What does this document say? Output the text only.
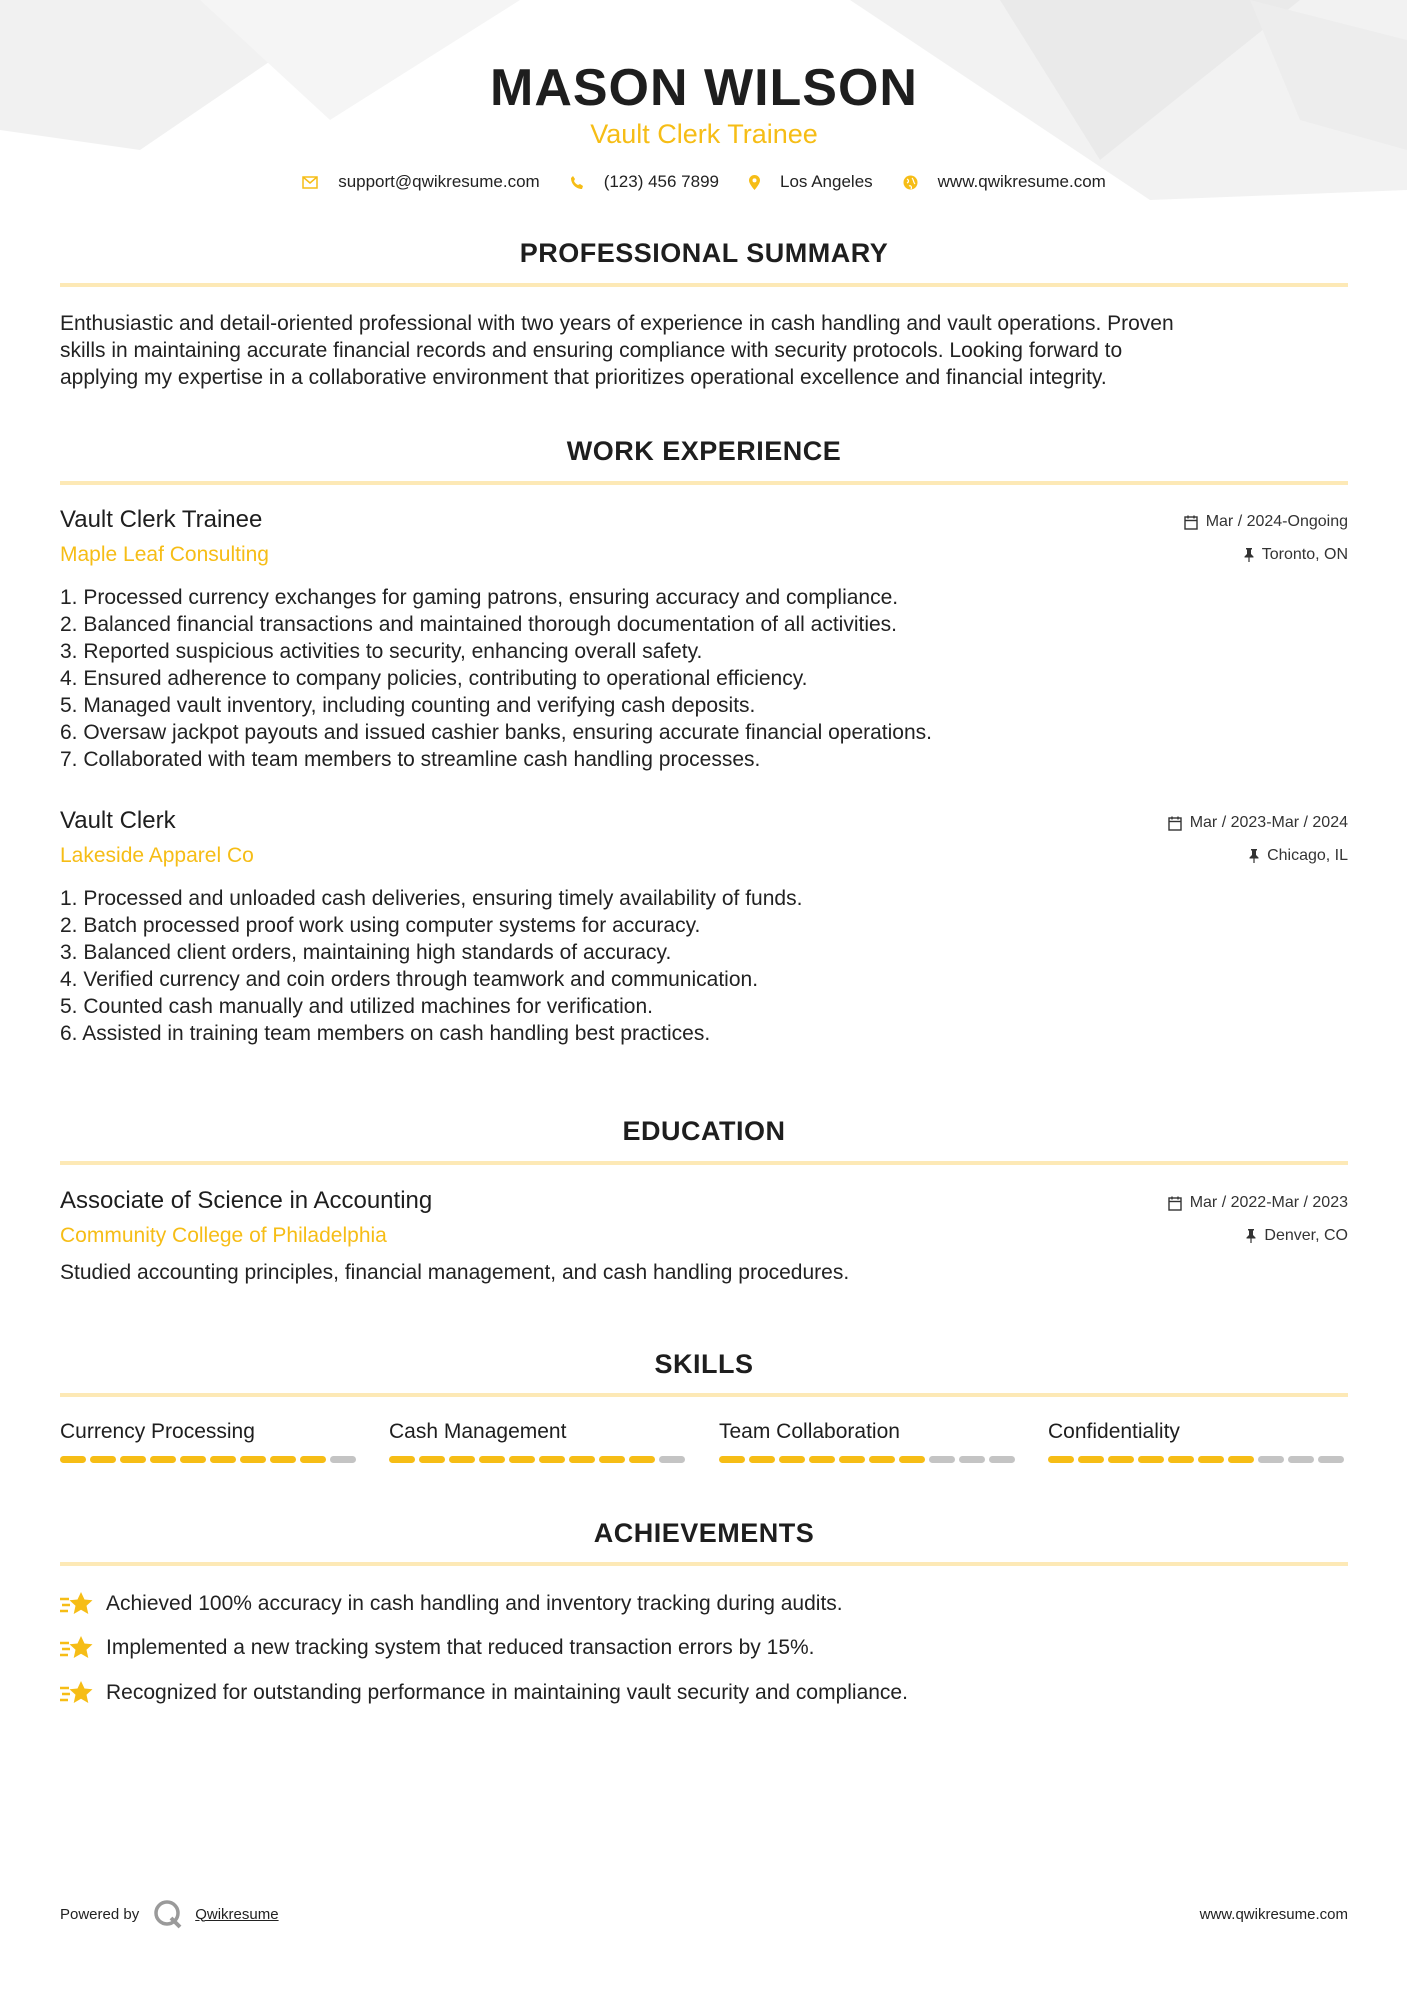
MASON WILSON
Vault Clerk Trainee
support@qwikresume.com	(123) 456 7899	Los Angeles	www.qwikresume.com
PROFESSIONAL SUMMARY
Enthusiastic and detail-oriented professional with two years of experience in cash handling and vault operations. Proven
skills in maintaining accurate financial records and ensuring compliance with security protocols. Looking forward to
applying my expertise in a collaborative environment that prioritizes operational excellence and financial integrity.
WORK EXPERIENCE
Vault Clerk Trainee
Maple Leaf Consulting
Mar / 2024-Ongoing
Toronto, ON
1. Processed currency exchanges for gaming patrons, ensuring accuracy and compliance.
2. Balanced financial transactions and maintained thorough documentation of all activities.
3. Reported suspicious activities to security, enhancing overall safety.
4. Ensured adherence to company policies, contributing to operational efficiency.
5. Managed vault inventory, including counting and verifying cash deposits.
6. Oversaw jackpot payouts and issued cashier banks, ensuring accurate financial operations.
7. Collaborated with team members to streamline cash handling processes.
Vault Clerk
Lakeside Apparel Co
Mar / 2023-Mar / 2024
Chicago, IL
1. Processed and unloaded cash deliveries, ensuring timely availability of funds.
2. Batch processed proof work using computer systems for accuracy.
3. Balanced client orders, maintaining high standards of accuracy.
4. Verified currency and coin orders through teamwork and communication.
5. Counted cash manually and utilized machines for verification.
6. Assisted in training team members on cash handling best practices.
EDUCATION
Associate of Science in Accounting
Community College of Philadelphia
Mar / 2022-Mar / 2023
Denver, CO
Studied accounting principles, financial management, and cash handling procedures.
SKILLS
Currency Processing	Cash Management	Team Collaboration	Confidentiality
ACHIEVEMENTS
Achieved 100% accuracy in cash handling and inventory tracking during audits.
Implemented a new tracking system that reduced transaction errors by 15%.
Recognized for outstanding performance in maintaining vault security and compliance.
Powered by	Qwikresume	www.qwikresume.com
